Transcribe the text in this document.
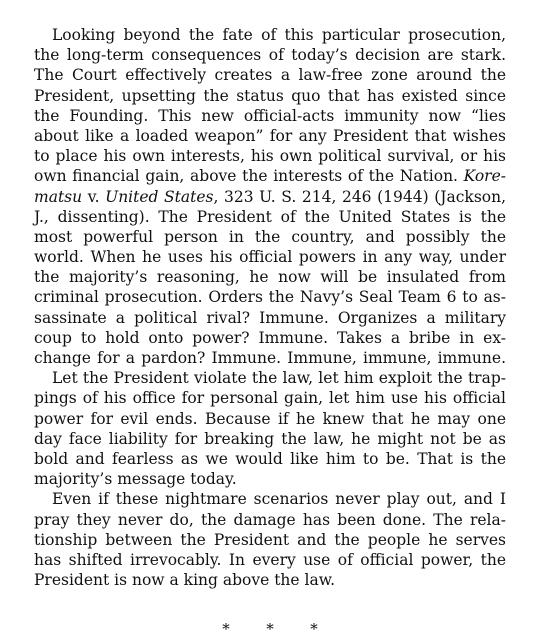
Looking beyond the fate of this particular prosecution,
the long-term consequences of today’s decision are stark.
The Court effectively creates a law-free zone around the
President, upsetting the status quo that has existed since
the Founding. This new official-acts immunity now “lies
about like a loaded weapon” for any President that wishes
to place his own interests, his own political survival, or his
own financial gain, above the interests of the Nation. Kore-
matsu v. United States, 323 U. S. 214, 246 (1944) (Jackson,
J., dissenting). The President of the United States is the
most powerful person in the country, and possibly the
world. When he uses his official powers in any way, under
the majority’s reasoning, he now will be insulated from
criminal prosecution. Orders the Navy’s Seal Team 6 to as-
sassinate a political rival? Immune. Organizes a military
coup to hold onto power? Immune. Takes a bribe in ex-
change for a pardon? Immune. Immune, immune, immune.
Let the President violate the law, let him exploit the trap-
pings of his office for personal gain, let him use his official
power for evil ends. Because if he knew that he may one
day face liability for breaking the law, he might not be as
bold and fearless as we would like him to be. That is the
majority’s message today.
Even if these nightmare scenarios never play out, and I
pray they never do, the damage has been done. The rela-
tionship between the President and the people he serves
has shifted irrevocably. In every use of official power, the
President is now a king above the law.
* * *
